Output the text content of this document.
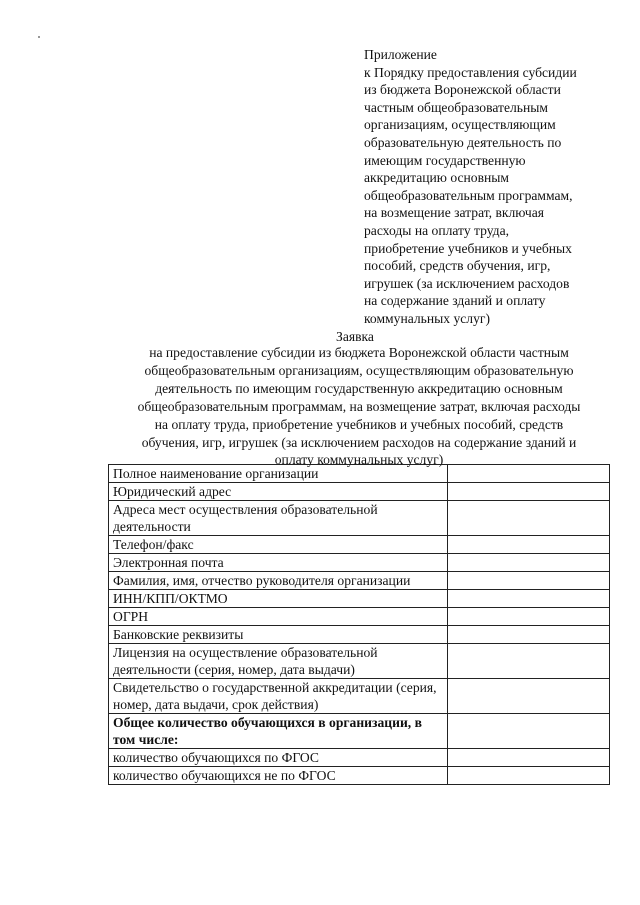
Приложение
к Порядку предоставления субсидии
из бюджета Воронежской области
частным общеобразовательным
организациям, осуществляющим
образовательную деятельность по
имеющим государственную
аккредитацию основным
общеобразовательным программам,
на возмещение затрат, включая
расходы на оплату труда,
приобретение учебников и учебных
пособий, средств обучения, игр,
игрушек (за исключением расходов
на содержание зданий и оплату
коммунальных услуг)
Заявка
на предоставление субсидии из бюджета Воронежской области частным
общеобразовательным организациям, осуществляющим образовательную
деятельность по имеющим государственную аккредитацию основным
общеобразовательным программам, на возмещение затрат, включая расходы
на оплату труда, приобретение учебников и учебных пособий, средств
обучения, игр, игрушек (за исключением расходов на содержание зданий и
оплату коммунальных услуг)
Полное наименование организации	
Юридический адрес	
Адреса мест осуществления образовательной деятельности	
Телефон/факс	
Электронная почта	
Фамилия, имя, отчество руководителя организации	
ИНН/КПП/ОКТМО	
ОГРН	
Банковские реквизиты	
Лицензия на осуществление образовательной деятельности (серия, номер, дата выдачи)	
Свидетельство о государственной аккредитации (серия, номер, дата выдачи, срок действия)	
Общее количество обучающихся в организации, в том числе:	
количество обучающихся по ФГОС	
количество обучающихся не по ФГОС	
